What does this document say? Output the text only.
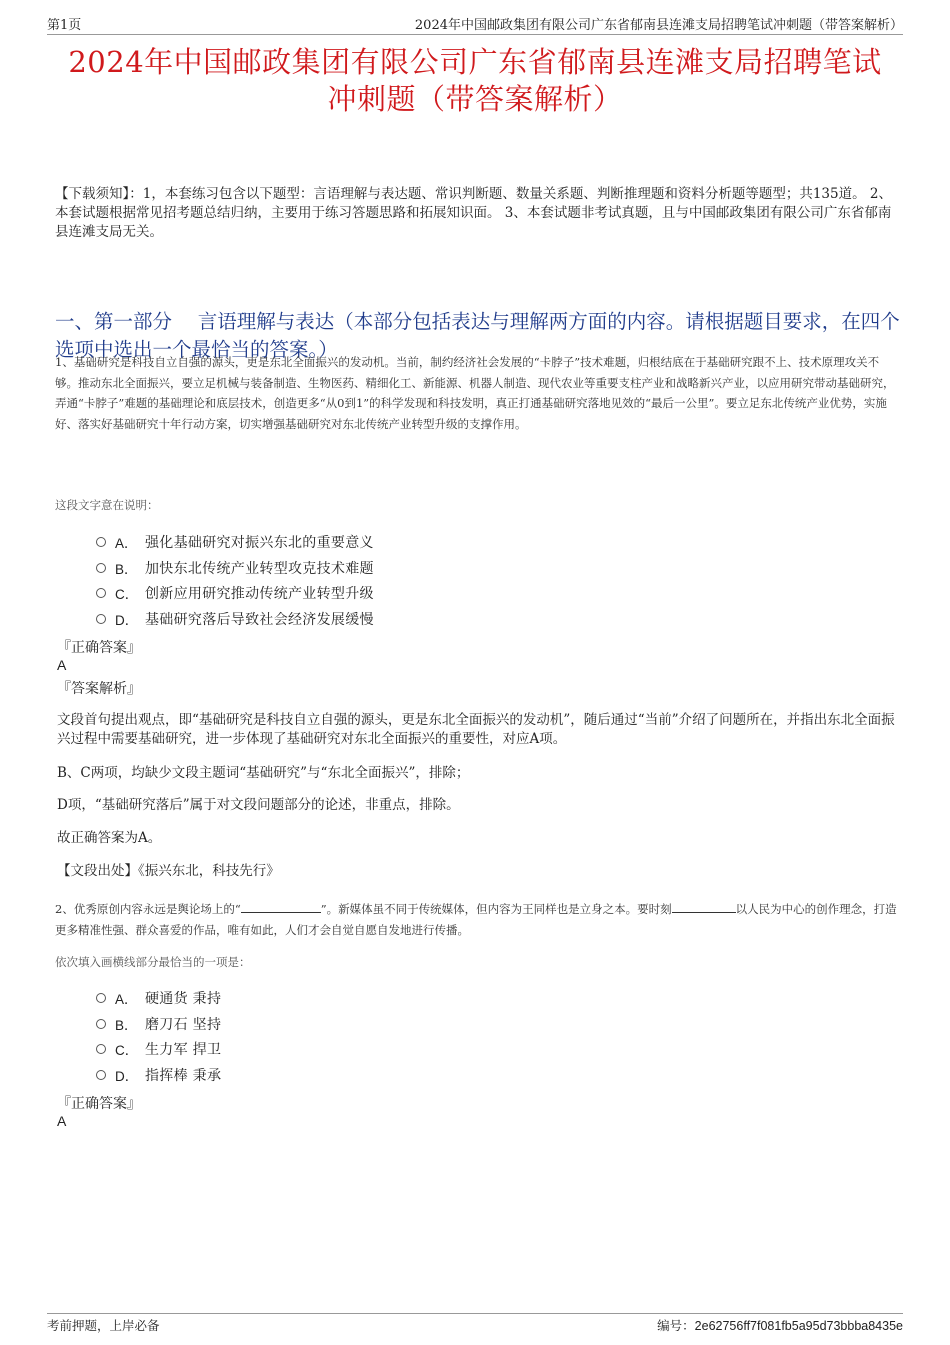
第1页	2024年中国邮政集团有限公司广东省郁南县连滩支局招聘笔试冲刺题（带答案解析）
2024年中国邮政集团有限公司广东省郁南县连滩支局招聘笔试
冲刺题（带答案解析）
【下载须知】：1，本套练习包含以下题型：言语理解与表达题、常识判断题、数量关系题、判断推理题和资料分析题等题型；共135道。 2、本套试题根据常见招考题总结归纳，主要用于练习答题思路和拓展知识面。 3、本套试题非考试真题，且与中国邮政集团有限公司广东省郁南县连滩支局无关。
一、第一部分　 言语理解与表达（本部分包括表达与理解两方面的内容。请根据题目要求，在四个选项中选出一个最恰当的答案。）
1、基础研究是科技自立自强的源头，更是东北全面振兴的发动机。当前，制约经济社会发展的“卡脖子”技术难题，归根结底在于基础研究跟不上、技术原理攻关不够。推动东北全面振兴，要立足机械与装备制造、生物医药、精细化工、新能源、机器人制造、现代农业等重要支柱产业和战略新兴产业，以应用研究带动基础研究，弄通“卡脖子”难题的基础理论和底层技术，创造更多“从0到1”的科学发现和科技发明，真正打通基础研究落地见效的“最后一公里”。要立足东北传统产业优势，实施好、落实好基础研究十年行动方案，切实增强基础研究对东北传统产业转型升级的支撑作用。
这段文字意在说明：
A． 强化基础研究对振兴东北的重要意义
B． 加快东北传统产业转型攻克技术难题
C． 创新应用研究推动传统产业转型升级
D． 基础研究落后导致社会经济发展缓慢
『正确答案』
A
『答案解析』
文段首句提出观点，即“基础研究是科技自立自强的源头，更是东北全面振兴的发动机”，随后通过“当前”介绍了问题所在，并指出东北全面振兴过程中需要基础研究，进一步体现了基础研究对东北全面振兴的重要性，对应A项。
B、C两项，均缺少文段主题词“基础研究”与“东北全面振兴”，排除；
D项，“基础研究落后”属于对文段问题部分的论述，非重点，排除。
故正确答案为A。
【文段出处】《振兴东北，科技先行》
2、优秀原创内容永远是舆论场上的“	”。新媒体虽不同于传统媒体，但内容为王同样也是立身之本。要时刻	以人民为中心的创作理念，打造更多精准性强、群众喜爱的作品，唯有如此，人们才会自觉自愿自发地进行传播。
依次填入画横线部分最恰当的一项是：
A． 硬通货 秉持
B． 磨刀石 坚持
C． 生力军 捍卫
D． 指挥棒 秉承
『正确答案』
A
考前押题，上岸必备	编号：2e62756ff7f081fb5a95d73bbba8435e
